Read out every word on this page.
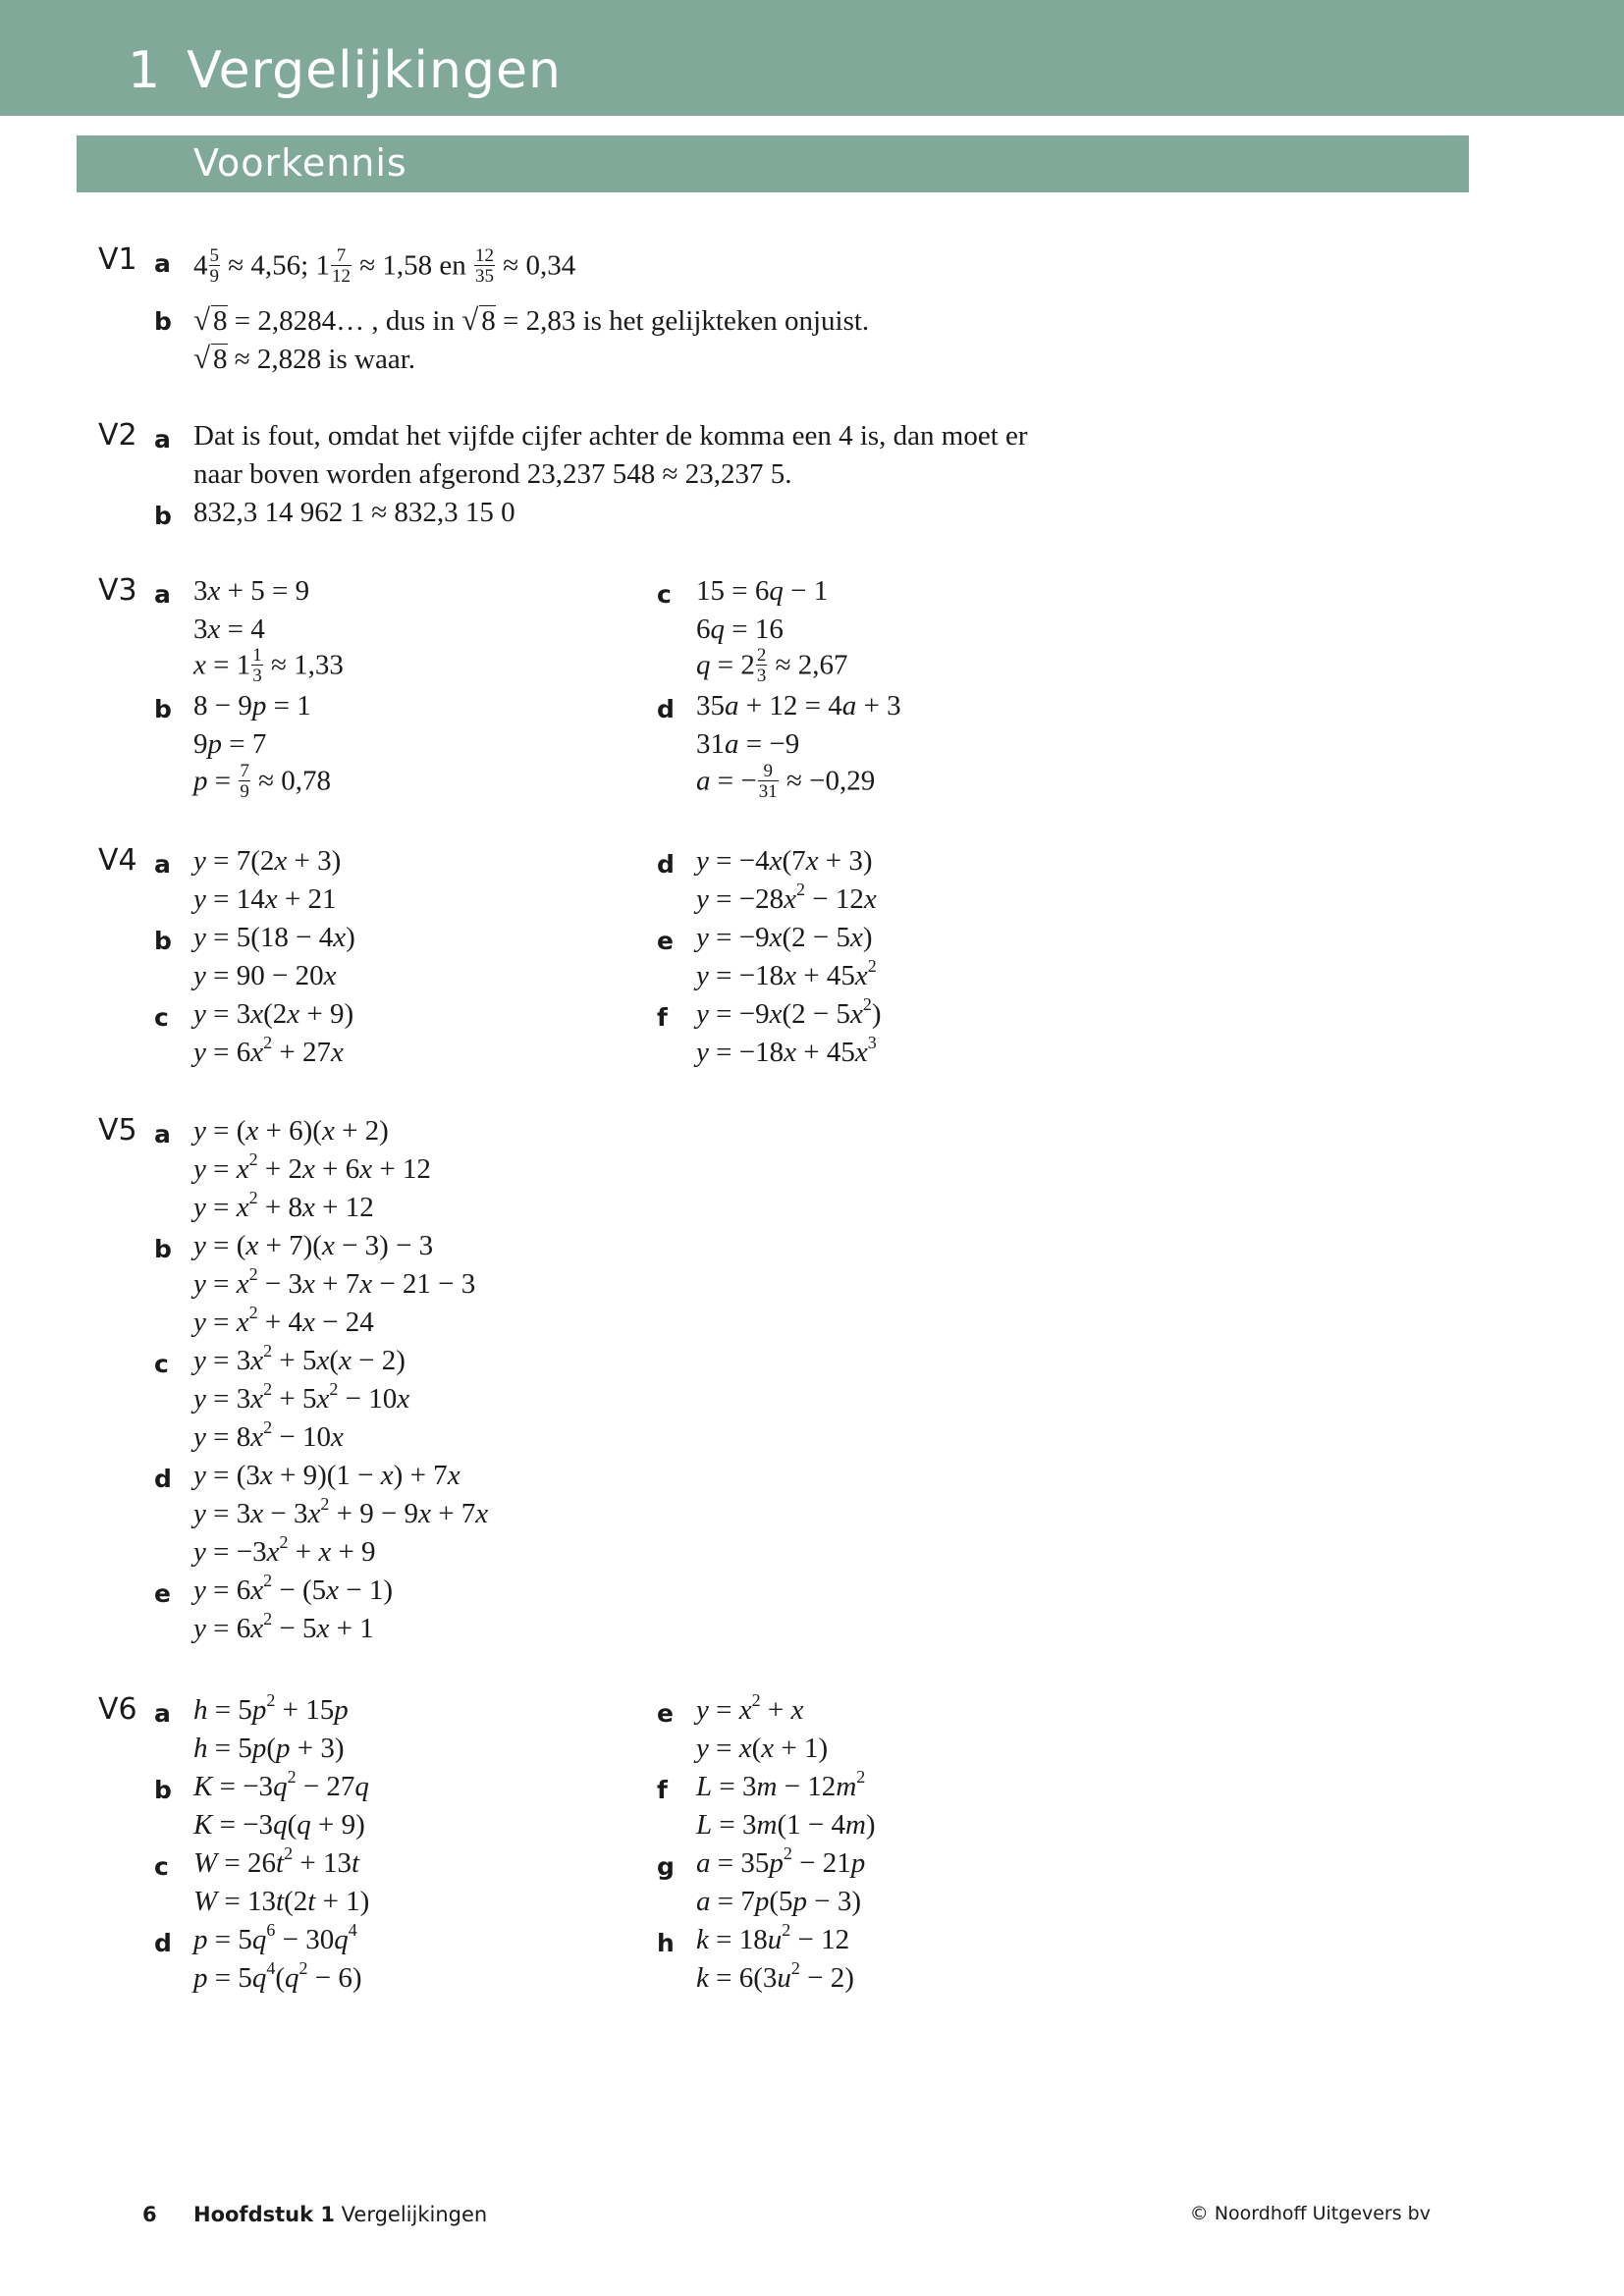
1 Vergelijkingen
Voorkennis
V1 a $4 \frac{5}{9} \approx 4,56$; $1 \frac{7}{12} \approx 1,58$ en $\frac{12}{35} \approx 0,34$
b √ 8 = 2,8284… , dus in √ 8 = 2,83 is het gelijkteken onjuist.
√ 8 ≈ 2,828 is waar.
V2 a Dat is fout, omdat het vijfde cijfer achter de komma een 4 is, dan moet er
naar boven worden afgerond 23,237 548 ≈ 23,237 5.
b 832,3 14 962 1 ≈ 832,3 15 0
V3 a 3x + 5 = 9
3x = 4
$x = 1 \frac{1}{3} \approx 1,33$
b 8 − 9p = 1
9p = 7
$p = \frac{7}{9} \approx 0,78$
c 15 = 6q − 1
6q = 16
$q = 2 \frac{2}{3} \approx 2,67$
d 35a + 12 = 4a + 3
31a = −9
a = − $\frac{9}{31} \approx -0,29$
V4 a y = 7(2x + 3)
y = 14x + 21
b y = 5(18 − 4x)
y = 90 − 20x
c y = 3x(2x + 9)
$y = 6x^2 + 27x$
d y = −4x(7x + 3)
$y = -28x^2 - 12x$
e y = −9x(2 − 5x)
$y = -18x + 45x^2$
f $y = -9x(2 - 5x^2)$
$y = -18x + 45x^3$
V5 a y = (x + 6)(x + 2)
$y = x^2 + 2x + 6x + 12$
$y = x^2 + 8x + 12$
b y = (x + 7)(x − 3) − 3
$y = x^2 - 3x + 7x - 21 - 3$
$y = x^2 + 4x - 24$
c $y = 3x^2 + 5x(x - 2)$
$y = 3x^2 + 5x^2 - 10x$
$y = 8x^2 - 10x$
d y = (3x + 9)(1 − x) + 7x
$y = 3x - 3x^2 + 9 - 9x + 7x$
$y = -3x^2 + x + 9$
e $y = 6x^2 - (5x - 1)$
$y = 6x^2 - 5x + 1$
V6 a $h = 5p^2 + 15p$
h = 5p(p + 3)
b $K = -3q^2 - 27q$
K = −3q(q + 9)
c $W = 26t^2 + 13t$
W = 13t(2t + 1)
d $p = 5q^6 - 30q^4$
$p = 5q^4(q^2 - 6)$
e $y = x^2 + x$
y = x(x + 1)
f $L = 3m - 12m^2$
L = 3m(1 − 4m)
g $a = 35p^2 - 21p$
a = 7p(5p − 3)
h $k = 18u^2 - 12$
$k = 6(3u^2 - 2)$
6 Hoofdstuk 1 Vergelijkingen	© Noordhoff Uitgevers bv
